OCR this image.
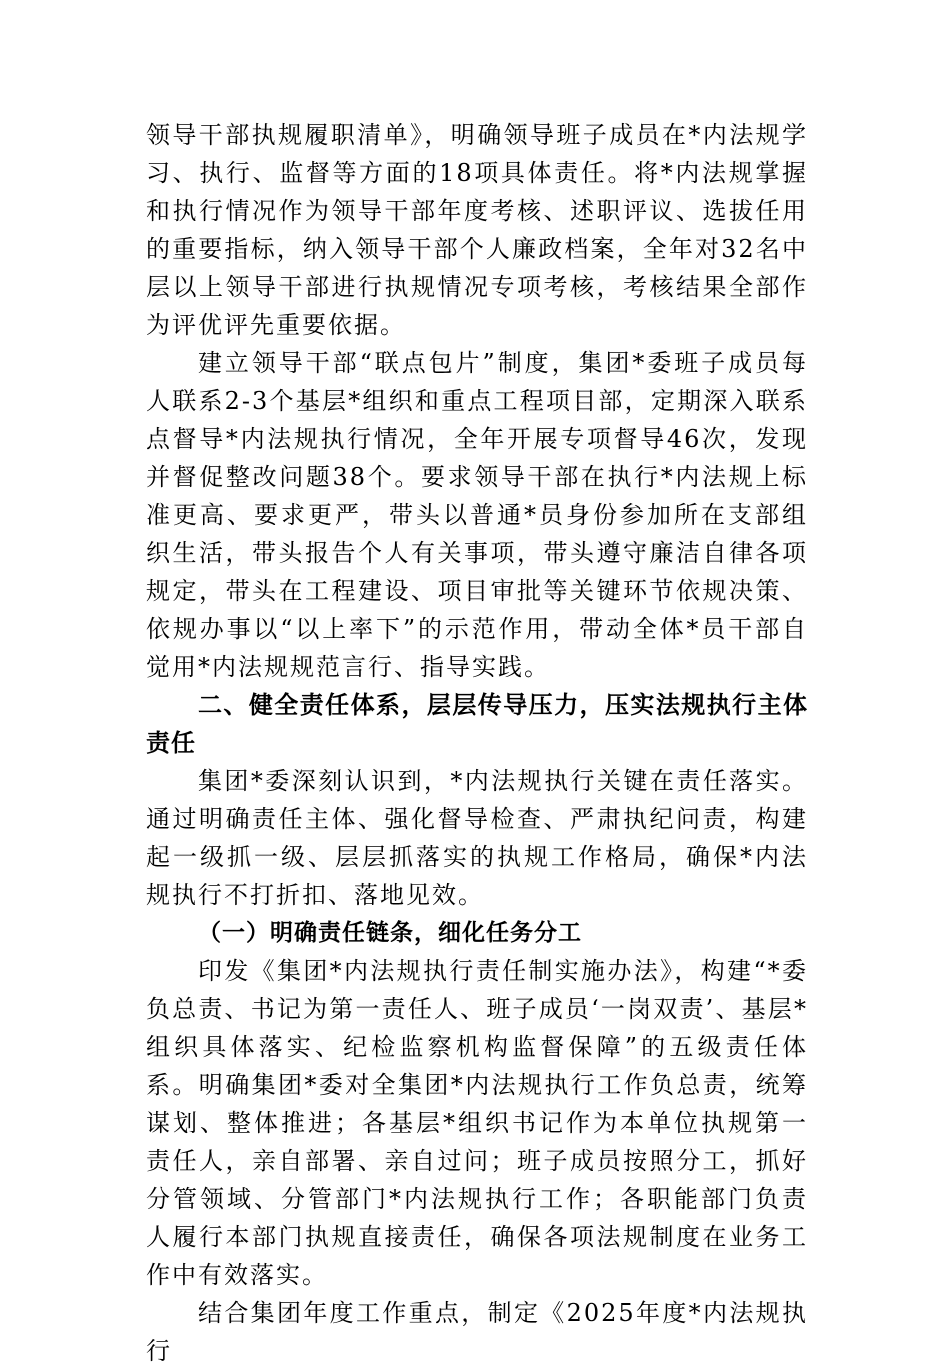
领导干部执规履职清单》，明确领导班子成员在*内法规学习、执行、监督等方面的18项具体责任。将*内法规掌握和执行情况作为领导干部年度考核、述职评议、选拔任用的重要指标，纳入领导干部个人廉政档案，全年对32名中层以上领导干部进行执规情况专项考核，考核结果全部作为评优评先重要依据。

建立领导干部“联点包片”制度，集团*委班子成员每人联系2-3个基层*组织和重点工程项目部，定期深入联系点督导*内法规执行情况，全年开展专项督导46次，发现并督促整改问题38个。要求领导干部在执行*内法规上标准更高、要求更严，带头以普通*员身份参加所在支部组织生活，带头报告个人有关事项，带头遵守廉洁自律各项规定，带头在工程建设、项目审批等关键环节依规决策、依规办事以“以上率下”的示范作用，带动全体*员干部自觉用*内法规规范言行、指导实践。

二、健全责任体系，层层传导压力，压实法规执行主体责任

集团*委深刻认识到，*内法规执行关键在责任落实。通过明确责任主体、强化督导检查、严肃执纪问责，构建起一级抓一级、层层抓落实的执规工作格局，确保*内法规执行不打折扣、落地见效。

（一）明确责任链条，细化任务分工

印发《集团*内法规执行责任制实施办法》，构建“*委负总责、书记为第一责任人、班子成员‘一岗双责’、基层*组织具体落实、纪检监察机构监督保障”的五级责任体系。明确集团*委对全集团*内法规执行工作负总责，统筹谋划、整体推进；各基层*组织书记作为本单位执规第一责任人，亲自部署、亲自过问；班子成员按照分工，抓好分管领域、分管部门*内法规执行工作；各职能部门负责人履行本部门执规直接责任，确保各项法规制度在业务工作中有效落实。

结合集团年度工作重点，制定《2025年度*内法规执行
